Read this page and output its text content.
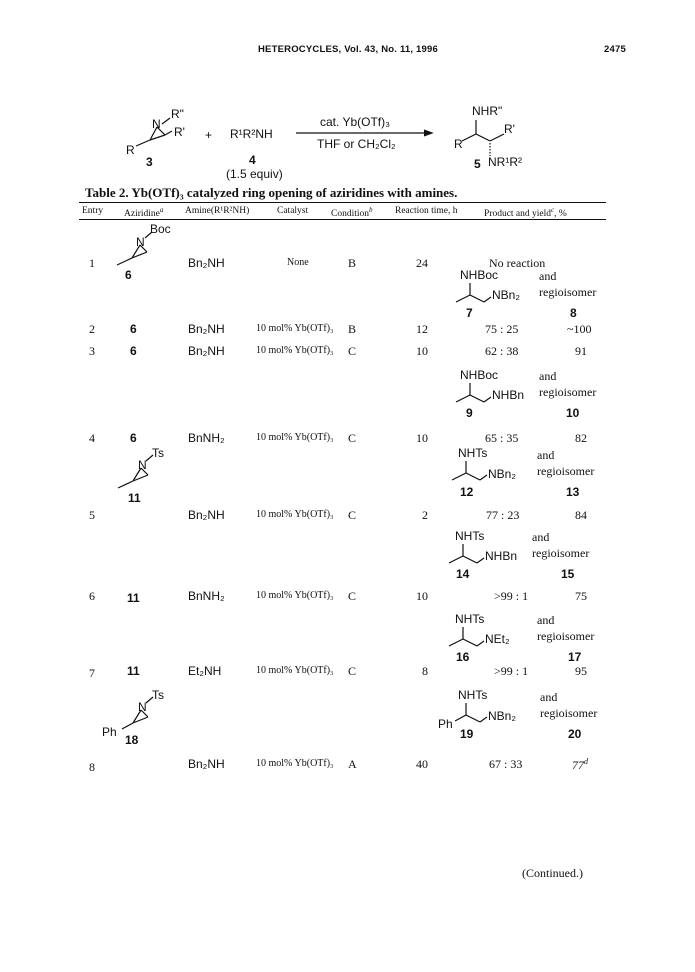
HETEROCYCLES, Vol. 43, No. 11, 1996	2475
R
N
R"
R'
3
+ R¹R²NH
4
(1.5 equiv)
cat. Yb(OTf)₃
THF or CH₂Cl₂
NHR"
R
R'
5 NR¹R²
Table 2. Yb(OTf)₃ catalyzed ring opening of aziridines with amines.
Entry Aziridine$^a$ Amine(R¹R²NH)	Catalyst Condition$^b$ Reaction time, h	Product and yield$^c$, %
Boc
N
6
1	Bn₂NH	None	B	24	No reaction
NHBoc
NBn₂
and
regioisomer
7	8
2	6	Bn₂NH	10 mol% Yb(OTf)₃ B	12	75 : 25	~100
3	6	Bn₂NH	10 mol% Yb(OTf)₃ C	10	62 : 38	91
NHBoc
NHBn
and
regioisomer
9	10
4	6	BnNH₂	10 mol% Yb(OTf)₃ C	10	65 : 35	82
Ts
N
11
NHTs
NBn₂
and
regioisomer
12	13
5	Bn₂NH	10 mol% Yb(OTf)₃ C	2	77 : 23	84
NHTs
NHBn
and
regioisomer
14	15
6	11	BnNH₂	10 mol% Yb(OTf)₃ C	10	>99 : 1	75
NHTs
NEt₂
and
regioisomer
16	17
7	11	Et₂NH	10 mol% Yb(OTf)₃ C	8	>99 : 1	95
Ts
N
Ph
18
NHTs
Ph
NBn₂
and
regioisomer
19	20
8	Bn₂NH	10 mol% Yb(OTf)₃ A	40	67 : 33	77$^d$
(Continued.)
